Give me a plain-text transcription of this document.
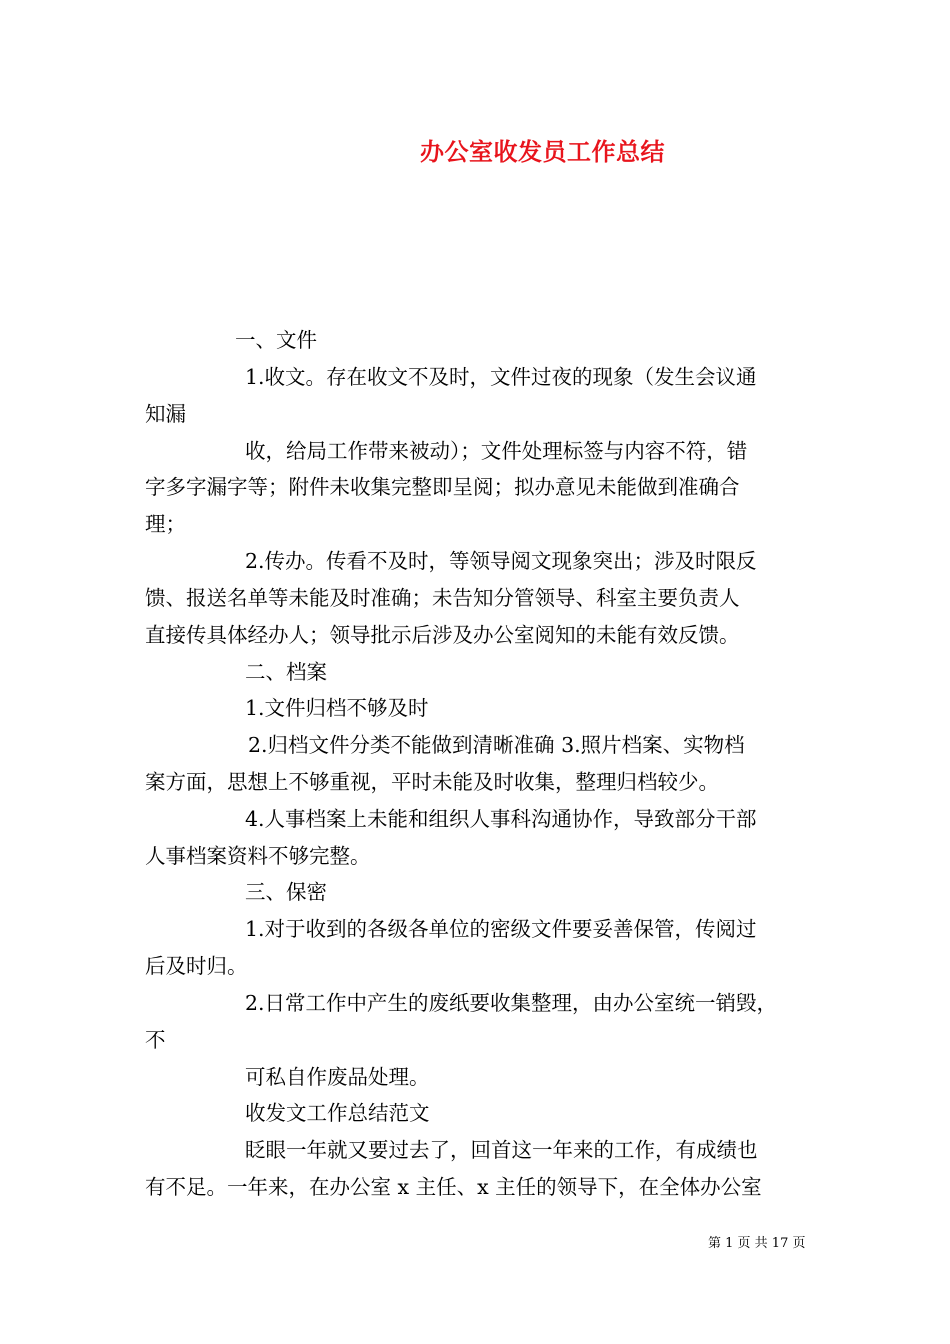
办公室收发员工作总结
一、文件
1.收文。存在收文不及时，文件过夜的现象（发生会议通
知漏
收，给局工作带来被动）；文件处理标签与内容不符，错
字多字漏字等；附件未收集完整即呈阅；拟办意见未能做到准确合
理；
2.传办。传看不及时，等领导阅文现象突出；涉及时限反
馈、报送名单等未能及时准确；未告知分管领导、科室主要负责人
直接传具体经办人；领导批示后涉及办公室阅知的未能有效反馈。
二、档案
1.文件归档不够及时
2.归档文件分类不能做到清晰准确 3.照片档案、实物档
案方面，思想上不够重视，平时未能及时收集，整理归档较少。
4.人事档案上未能和组织人事科沟通协作，导致部分干部
人事档案资料不够完整。
三、保密
1.对于收到的各级各单位的密级文件要妥善保管，传阅过
后及时归。
2.日常工作中产生的废纸要收集整理，由办公室统一销毁，
不
可私自作废品处理。
收发文工作总结范文
眨眼一年就又要过去了，回首这一年来的工作，有成绩也
有不足。一年来，在办公室 x 主任、x 主任的领导下，在全体办公室
第 1 页 共 17 页
